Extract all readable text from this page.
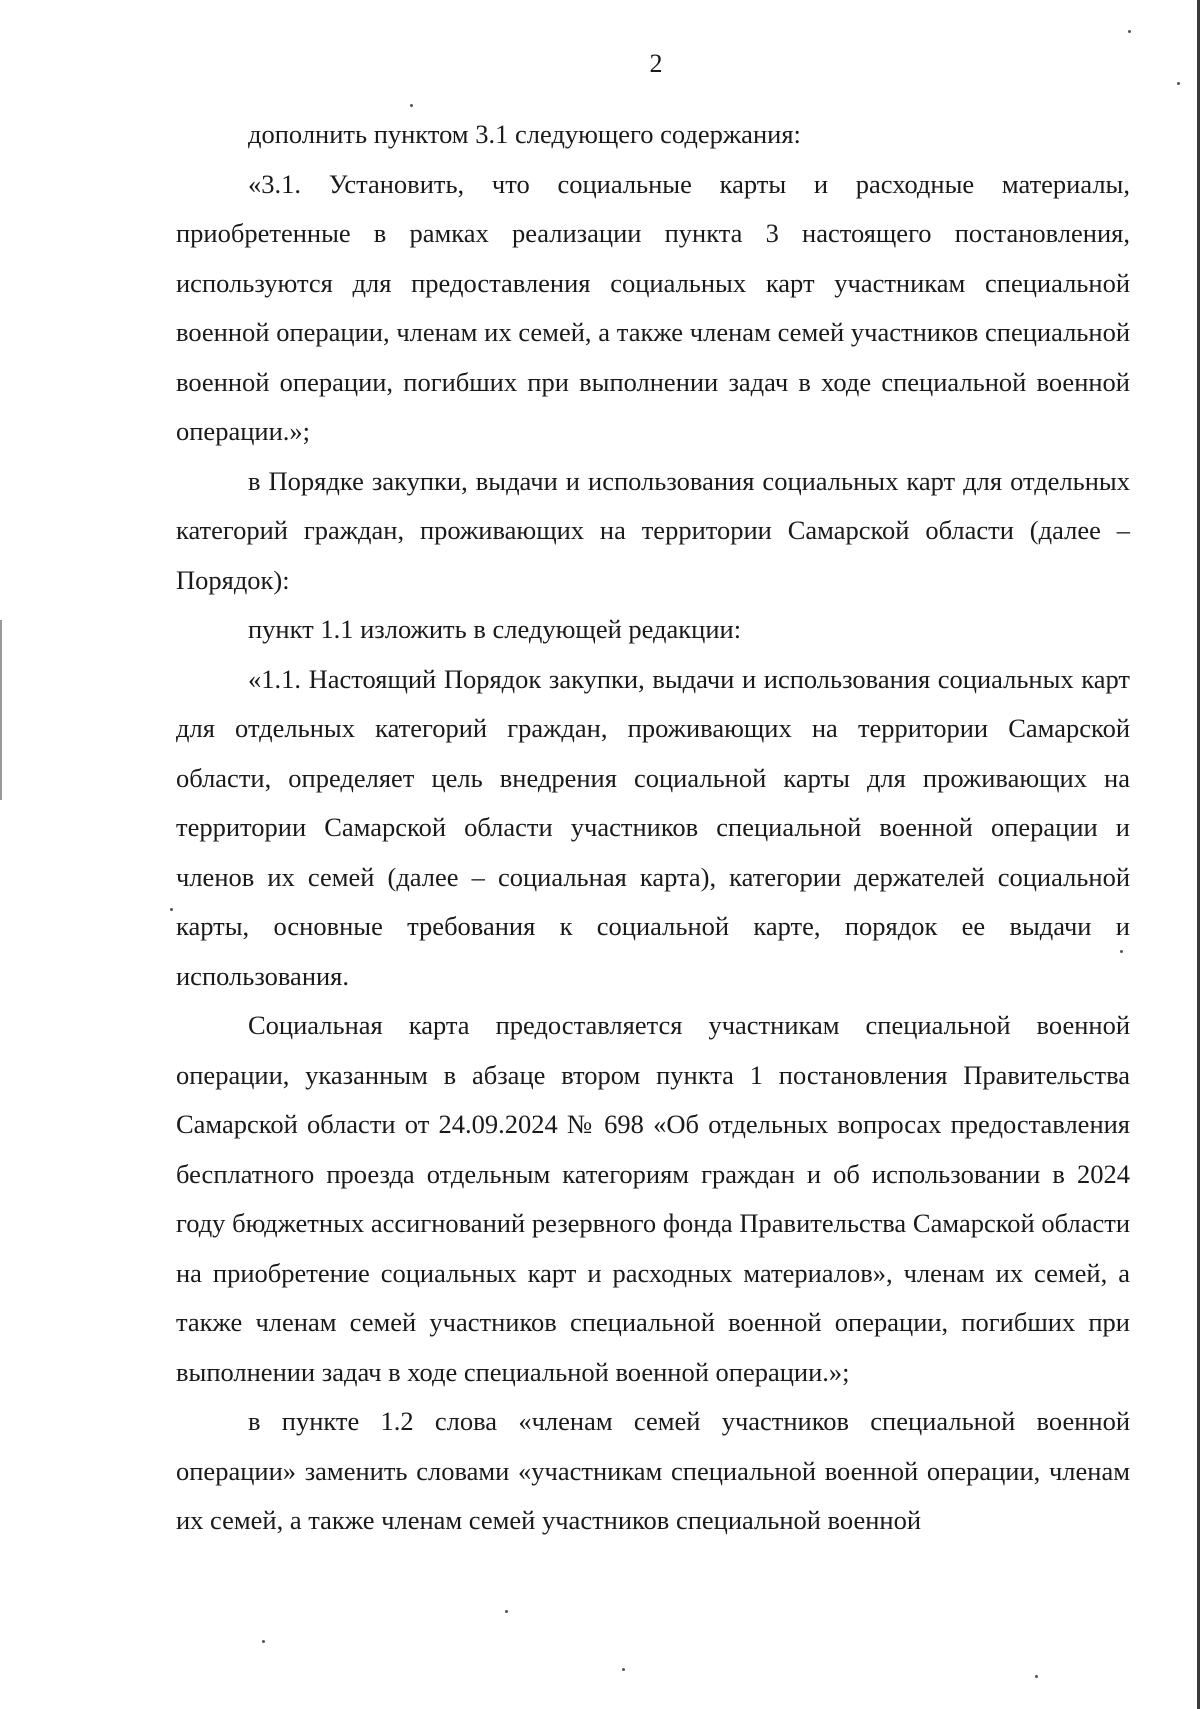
2

дополнить пунктом 3.1 следующего содержания:

«3.1. Установить, что социальные карты и расходные материалы, приобретенные в рамках реализации пункта 3 настоящего постановления, используются для предоставления социальных карт участникам специальной военной операции, членам их семей, а также членам семей участников специальной военной операции, погибших при выполнении задач в ходе специальной военной операции.»;

в Порядке закупки, выдачи и использования социальных карт для отдельных категорий граждан, проживающих на территории Самарской области (далее – Порядок):

пункт 1.1 изложить в следующей редакции:

«1.1. Настоящий Порядок закупки, выдачи и использования социальных карт для отдельных категорий граждан, проживающих на территории Самарской области, определяет цель внедрения социальной карты для проживающих на территории Самарской области участников специальной военной операции и членов их семей (далее – социальная карта), категории держателей социальной карты, основные требования к социальной карте, порядок ее выдачи и использования.

Социальная карта предоставляется участникам специальной военной операции, указанным в абзаце втором пункта 1 постановления Правительства Самарской области от 24.09.2024 № 698 «Об отдельных вопросах предоставления бесплатного проезда отдельным категориям граждан и об использовании в 2024 году бюджетных ассигнований резервного фонда Правительства Самарской области на приобретение социальных карт и расходных материалов», членам их семей, а также членам семей участников специальной военной операции, погибших при выполнении задач в ходе специальной военной операции.»;

в пункте 1.2 слова «членам семей участников специальной военной операции» заменить словами «участникам специальной военной операции, членам их семей, а также членам семей участников специальной военной
